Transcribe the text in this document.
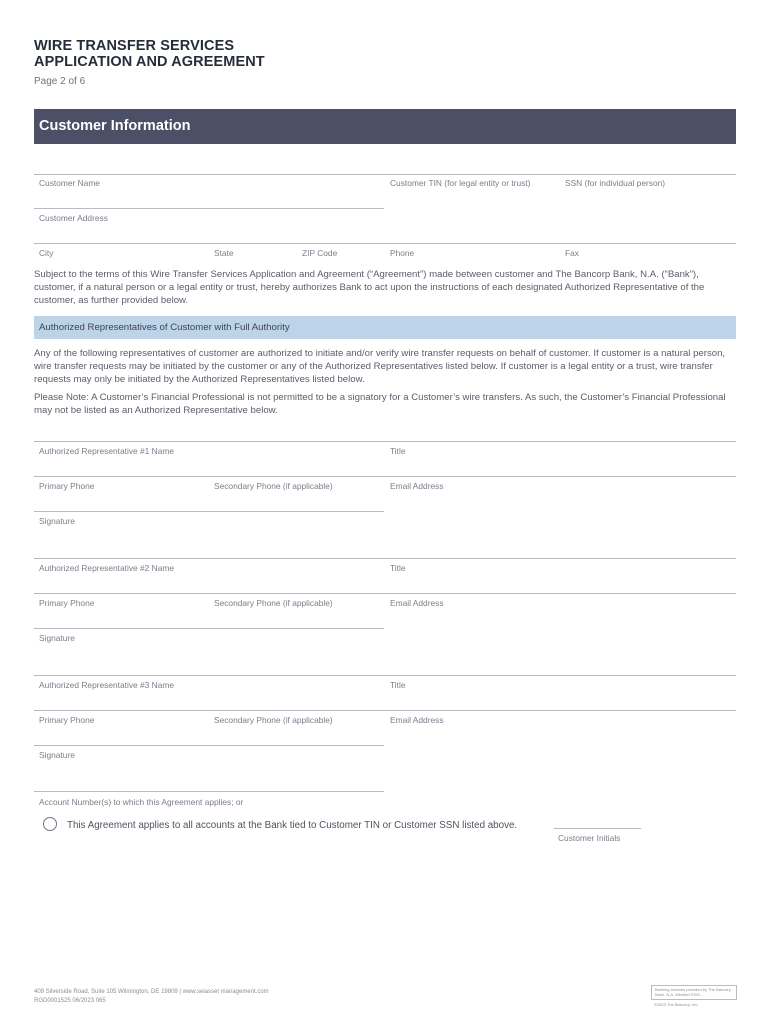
WIRE TRANSFER SERVICES
APPLICATION AND AGREEMENT
Page 2 of 6
Customer Information
Customer Name	Customer TIN (for legal entity or trust)	SSN (for individual person)
Customer Address
City	State	ZIP Code	Phone	Fax

Subject to the terms of this Wire Transfer Services Application and Agreement (“Agreement”) made between customer and The Bancorp Bank, N.A. (“Bank”), customer, if a natural person or a legal entity or trust, hereby authorizes Bank to act upon the instructions of each designated Authorized Representative of the customer, as further provided below.

Authorized Representatives of Customer with Full Authority

Any of the following representatives of customer are authorized to initiate and/or verify wire transfer requests on behalf of customer. If customer is a natural person, wire transfer requests may be initiated by the customer or any of the Authorized Representatives listed below. If customer is a legal entity or a trust, wire transfer requests may only be initiated by the Authorized Representatives listed below.

Please Note: A Customer’s Financial Professional is not permitted to be a signatory for a Customer’s wire transfers. As such, the Customer’s Financial Professional may not be listed as an Authorized Representative below.

Authorized Representative #1 Name	Title
Primary Phone	Secondary Phone (if applicable)	Email Address
Signature
Authorized Representative #2 Name	Title
Primary Phone	Secondary Phone (if applicable)	Email Address
Signature
Authorized Representative #3 Name	Title
Primary Phone	Secondary Phone (if applicable)	Email Address
Signature
Account Number(s) to which this Agreement applies; or
This Agreement applies to all accounts at the Bank tied to Customer TIN or Customer SSN listed above.
Customer Initials
409 Silverside Road, Suite 105 Wilmington, DE 19809 | www.seiasset management.com
RGD0001525 06/2023 065
Banking services provided by The Bancorp Bank, N.A. Member FDIC.
©2023 The Bancorp, Inc.
